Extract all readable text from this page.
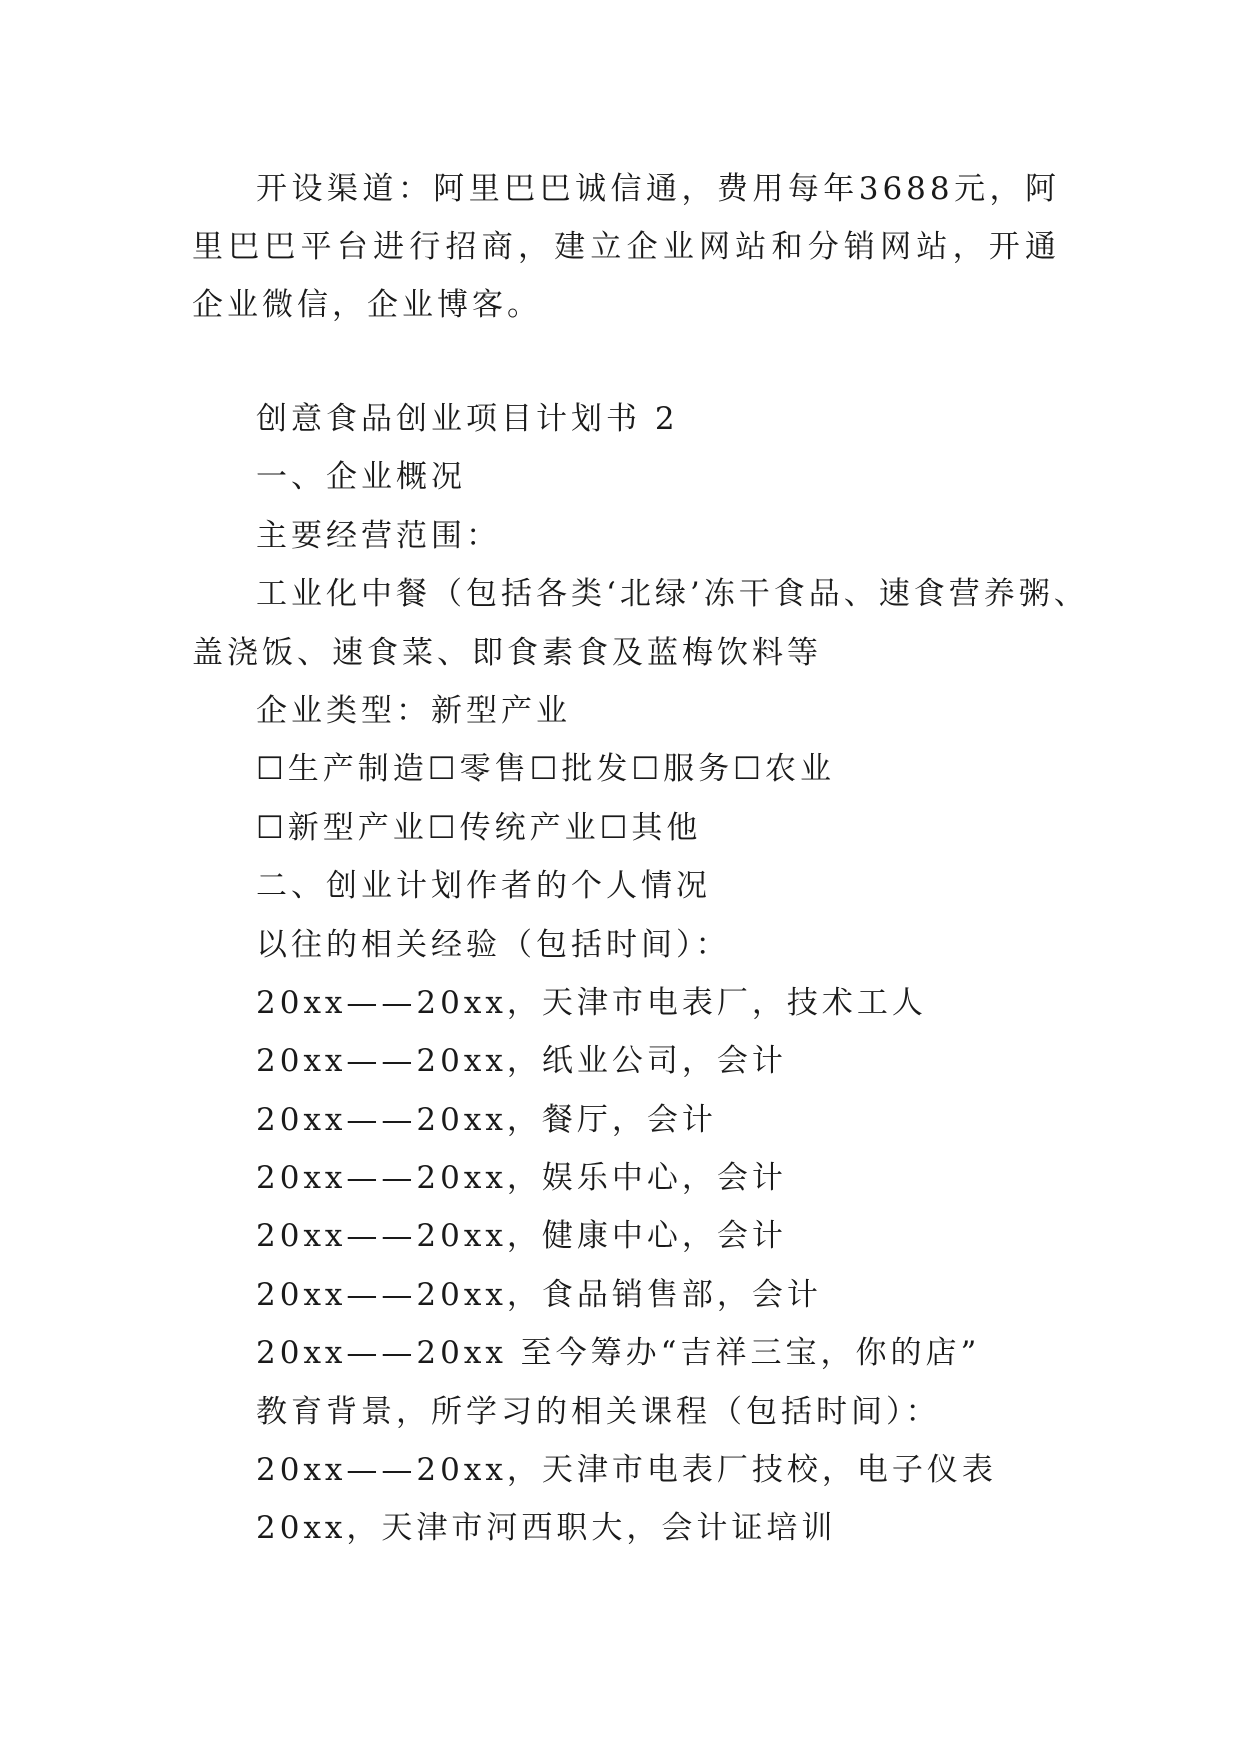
开设渠道：阿里巴巴诚信通，费用每年3688元，阿里巴巴平台进行招商，建立企业网站和分销网站，开通企业微信，企业博客。
创意食品创业项目计划书 2
一、企业概况
主要经营范围：
工业化中餐（包括各类‘北绿’冻干食品、速食营养粥、
盖浇饭、速食菜、即食素食及蓝梅饮料等
企业类型：新型产业
☐生产制造☐零售☐批发☐服务☐农业
☐新型产业☐传统产业☐其他
二、创业计划作者的个人情况
以往的相关经验（包括时间）：
20xx——20xx，天津市电表厂，技术工人
20xx——20xx，纸业公司，会计
20xx——20xx，餐厅，会计
20xx——20xx，娱乐中心，会计
20xx——20xx，健康中心，会计
20xx——20xx，食品销售部，会计
20xx——20xx 至今筹办“吉祥三宝，你的店”
教育背景，所学习的相关课程（包括时间）：
20xx——20xx，天津市电表厂技校，电子仪表
20xx，天津市河西职大，会计证培训
